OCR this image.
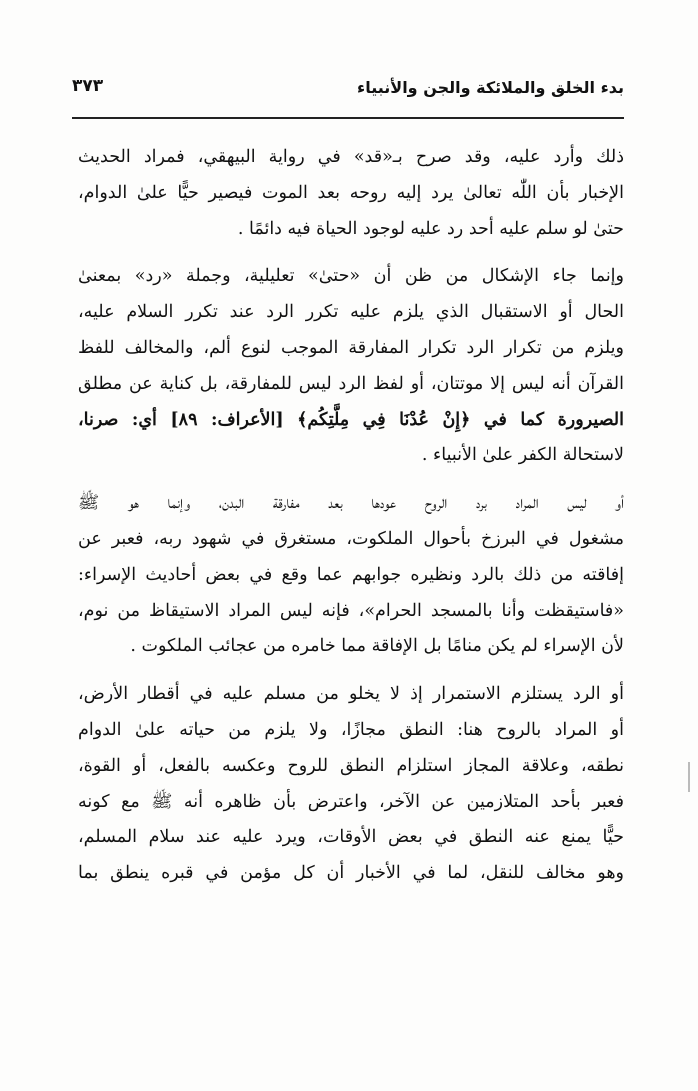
بدء الخلق والملائكة والجن والأنبياء
٣٧٣
ذلك وأرد عليه، وقد صرح بـ«قد» في رواية البيهقي، فمراد الحديث
الإخبار بأن اللّٰه تعالىٰ يرد إليه روحه بعد الموت فيصير حيًّا علىٰ الدوام،
حتىٰ لو سلم عليه أحد رد عليه لوجود الحياة فيه دائمًا .
وإنما جاء الإشكال من ظن أن «حتىٰ» تعليلية، وجملة «رد» بمعنىٰ
الحال أو الاستقبال الذي يلزم عليه تكرر الرد عند تكرر السلام عليه،
ويلزم من تكرار الرد تكرار المفارقة الموجب لنوع ألم، والمخالف للفظ
القرآن أنه ليس إلا موتتان، أو لفظ الرد ليس للمفارقة، بل كناية عن مطلق
الصيرورة كما في ﴿إِنْ عُدْنَا فِي مِلَّتِكُم﴾ [الأعراف: ٨٩] أي: صرنا،
لاستحالة الكفر علىٰ الأنبياء .
أو ليس المراد برد الروح عودها بعد مفارقة البدن، وإنما هو ﷺ
مشغول في البرزخ بأحوال الملكوت، مستغرق في شهود ربه، فعبر عن
إفاقته من ذلك بالرد ونظيره جوابهم عما وقع في بعض أحاديث الإسراء:
«فاستيقظت وأنا بالمسجد الحرام»، فإنه ليس المراد الاستيقاظ من نوم،
لأن الإسراء لم يكن منامًا بل الإفاقة مما خامره من عجائب الملكوت .
أو الرد يستلزم الاستمرار إذ لا يخلو من مسلم عليه في أقطار الأرض،
أو المراد بالروح هنا: النطق مجازًا، ولا يلزم من حياته علىٰ الدوام
نطقه، وعلاقة المجاز استلزام النطق للروح وعكسه بالفعل، أو القوة،
فعبر بأحد المتلازمين عن الآخر، واعترض بأن ظاهره أنه ﷺ مع كونه
حيًّا يمنع عنه النطق في بعض الأوقات، ويرد عليه عند سلام المسلم،
وهو مخالف للنقل، لما في الأخبار أن كل مؤمن في قبره ينطق بما
